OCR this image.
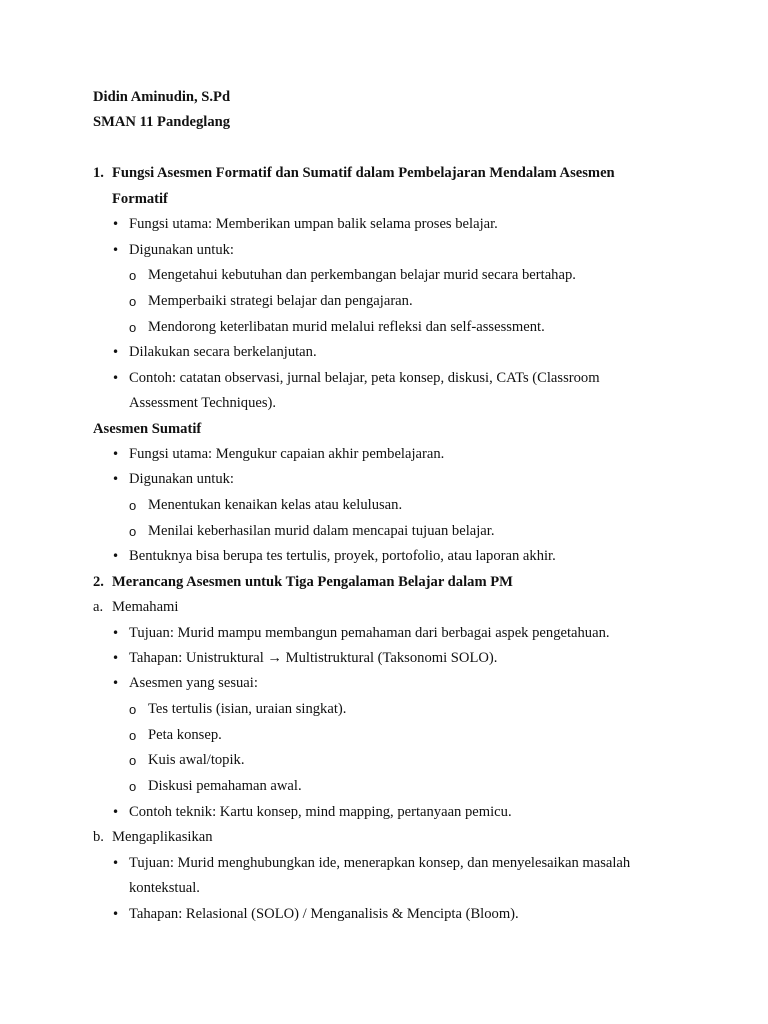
Didin Aminudin, S.Pd
SMAN 11 Pandeglang
1. Fungsi Asesmen Formatif dan Sumatif dalam Pembelajaran Mendalam Asesmen
Formatif
• Fungsi utama: Memberikan umpan balik selama proses belajar.
• Digunakan untuk:
o Mengetahui kebutuhan dan perkembangan belajar murid secara bertahap.
o Memperbaiki strategi belajar dan pengajaran.
o Mendorong keterlibatan murid melalui refleksi dan self-assessment.
• Dilakukan secara berkelanjutan.
• Contoh: catatan observasi, jurnal belajar, peta konsep, diskusi, CATs (Classroom
Assessment Techniques).
Asesmen Sumatif
• Fungsi utama: Mengukur capaian akhir pembelajaran.
• Digunakan untuk:
o Menentukan kenaikan kelas atau kelulusan.
o Menilai keberhasilan murid dalam mencapai tujuan belajar.
• Bentuknya bisa berupa tes tertulis, proyek, portofolio, atau laporan akhir.
2. Merancang Asesmen untuk Tiga Pengalaman Belajar dalam PM
a. Memahami
• Tujuan: Murid mampu membangun pemahaman dari berbagai aspek pengetahuan.
• Tahapan: Unistruktural → Multistruktural (Taksonomi SOLO).
• Asesmen yang sesuai:
o Tes tertulis (isian, uraian singkat).
o Peta konsep.
o Kuis awal/topik.
o Diskusi pemahaman awal.
• Contoh teknik: Kartu konsep, mind mapping, pertanyaan pemicu.
b. Mengaplikasikan
• Tujuan: Murid menghubungkan ide, menerapkan konsep, dan menyelesaikan masalah
kontekstual.
• Tahapan: Relasional (SOLO) / Menganalisis & Mencipta (Bloom).
